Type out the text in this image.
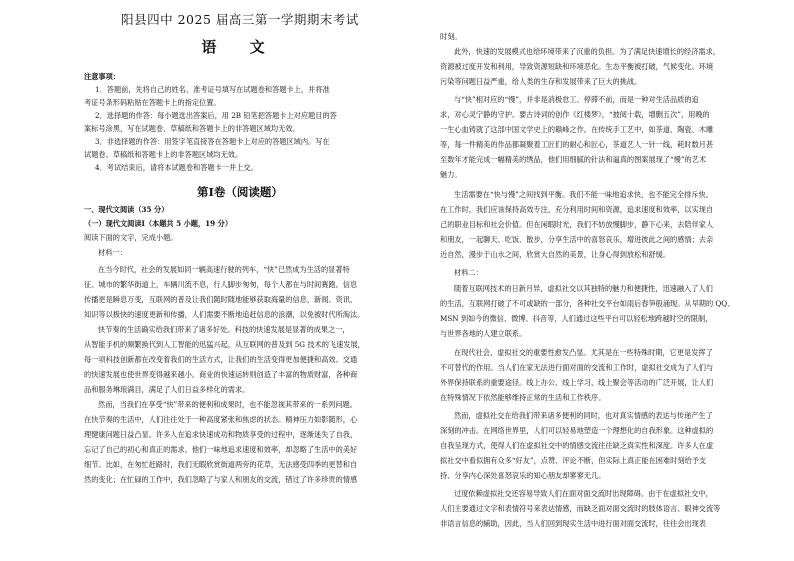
阳县四中 2025 届高三第一学期期末考试
语 文
注意事项：
1．答题前，先将自己的姓名、准考证号填写在试题卷和答题卡上，并将准
考证号条形码粘贴在答题卡上的指定位置。
2．选择题的作答：每小题选出答案后，用 2B 铅笔把答题卡上对应题目的答
案标号涂黑，写在试题卷、草稿纸和答题卡上的非答题区域均无效。
3．非选择题的作答：用签字笔直接答在答题卡上对应的答题区域内。写在
试题卷、草稿纸和答题卡上的非答题区域均无效。
4．考试结束后，请将本试题卷和答题卡一并上交。
第Ⅰ卷（阅读题）
一、现代文阅读（35 分）
（一）现代文阅读Ⅰ（本题共 5 小题，19 分）
阅读下面的文字，完成小题。
材料一：
在当今时代，社会的发展如同一辆高速行驶的列车，“快”已然成为生活的显著特
征。城市的繁华街道上，车辆川流不息，行人脚步匆匆，每个人都在与时间赛跑。信息
传播更是瞬息万变，互联网的普及让我们随时随地能够获取海量的信息，新闻、资讯、
知识等以极快的速度更新和传播，人们需要不断地追赶信息的浪潮，以免被时代所淘汰。
快节奏的生活确实给我们带来了诸多好处。科技的快速发展是显著的成果之一，
从智能手机的频繁换代到人工智能的迅猛兴起，从互联网的普及到 5G 技术的飞速发展，
每一项科技创新都在改变着我们的生活方式，让我们的生活变得更加便捷和高效。交通
的快速发展也使世界变得越来越小。商业的快速运转则创造了丰富的物质财富，各种商
品和服务琳琅满目，满足了人们日益多样化的需求。
然而，当我们在享受“快”带来的便利和成果时，也不能忽视其带来的一系列问题。
在快节奏的生活中，人们往往处于一种高度紧张和焦虑的状态。精神压力如影随形，心
理健康问题日益凸显。许多人在追求快速成功和物质享受的过程中，逐渐迷失了自我，
忘记了自己的初心和真正的需求。他们一味地追求速度和效率，却忽略了生活中的美好
细节。比如，在匆忙赶路时，我们无暇欣赏街道两旁的花草，无法感受四季的更替和自
然的变化；在忙碌的工作中，我们忽略了与家人和朋友的交流，错过了许多珍贵的情感
时刻。
此外，快速的发展模式也给环境带来了沉重的负担。为了满足快速增长的经济需求，
资源被过度开发和利用，导致资源短缺和环境恶化。生态平衡被打破，气候变化、环境
污染等问题日益严重，给人类的生存和发展带来了巨大的挑战。
与“快”相对应的“慢”，并非是消极怠工、停滞不前，而是一种对生活品质的追
求，对心灵宁静的守护。要古诗词的创作《红楼梦》，“披阅十载，增删五次”，用晚的
一生心血铸就了这部中国文学史上的巅峰之作。在传统手工艺中，如茶道、陶瓷、木雕
等，每一件精美的作品都凝聚着工匠们的耐心和匠心，茶道艺人一针一线，耗时数月甚
至数年才能完成一幅精美的绣品，他们用细腻的针法和逼真的图案展现了“慢”的艺术
魅力。
生活需要在“快与慢”之间找到平衡。我们不能一味地追求快，也不能完全排斥快。
在工作时，我们应该保持高效专注，充分利用时间和资源，追求速度和效率，以实现自
己的职业目标和社会价值。但在闲暇时光，我们不妨放慢脚步，静下心来，去陪伴家人
和朋友，一起聊天、吃饭、散步，分享生活中的喜怒哀乐，增进彼此之间的感情；去亲
近自然，漫步于山水之间，欣赏大自然的美景，让身心得到放松和舒缓。
材料二：
随着互联网技术的日新月异，虚拟社交以其独特的魅力和便捷性，迅速融入了人们
的生活，互联网打破了不可或缺的一部分，各种社交平台如雨后春笋般涌现。从早期的 QQ、
MSN 到如今的微信、微博、抖音等，人们通过这些平台可以轻松地跨越时空的限制，
与世界各地的人建立联系。
在现代社会，虚拟社交的重要性愈发凸显。尤其是在一些特殊时期，它更是发挥了
不可替代的作用。当人们在家无法进行面对面的交流和工作时，虚拟社交成为了人们与
外界保持联系的重要途径。线上办公、线上学习、线上聚会等活动的广泛开展，让人们
在特殊情况下依然能够维持正常的生活和工作秩序。
然而，虚拟社交在给我们带来诸多便利的同时，也对真实情感的表达与传递产生了
深刻的冲击。在网络世界里，人们可以轻易地塑造一个理想化的自我形象。这种虚拟的
自我呈现方式，使得人们在虚拟社交中的情感交流往往缺乏真实性和深度。许多人在虚
拟社交中看似拥有众多“好友”，点赞、评论不断，但实际上真正能在困难时刻给予支
持、分享内心深处喜怒哀乐的知心朋友却寥寥无几。
过度依赖虚拟社交还容易导致人们在面对面交流时出现障碍。由于在虚拟社交中，
人们主要通过文字和表情符号来表达情感，而缺乏面对面交流时的肢体语言、眼神交流等
非语言信息的辅助，因此，当人们回到现实生活中进行面对面交流时，往往会出现表
